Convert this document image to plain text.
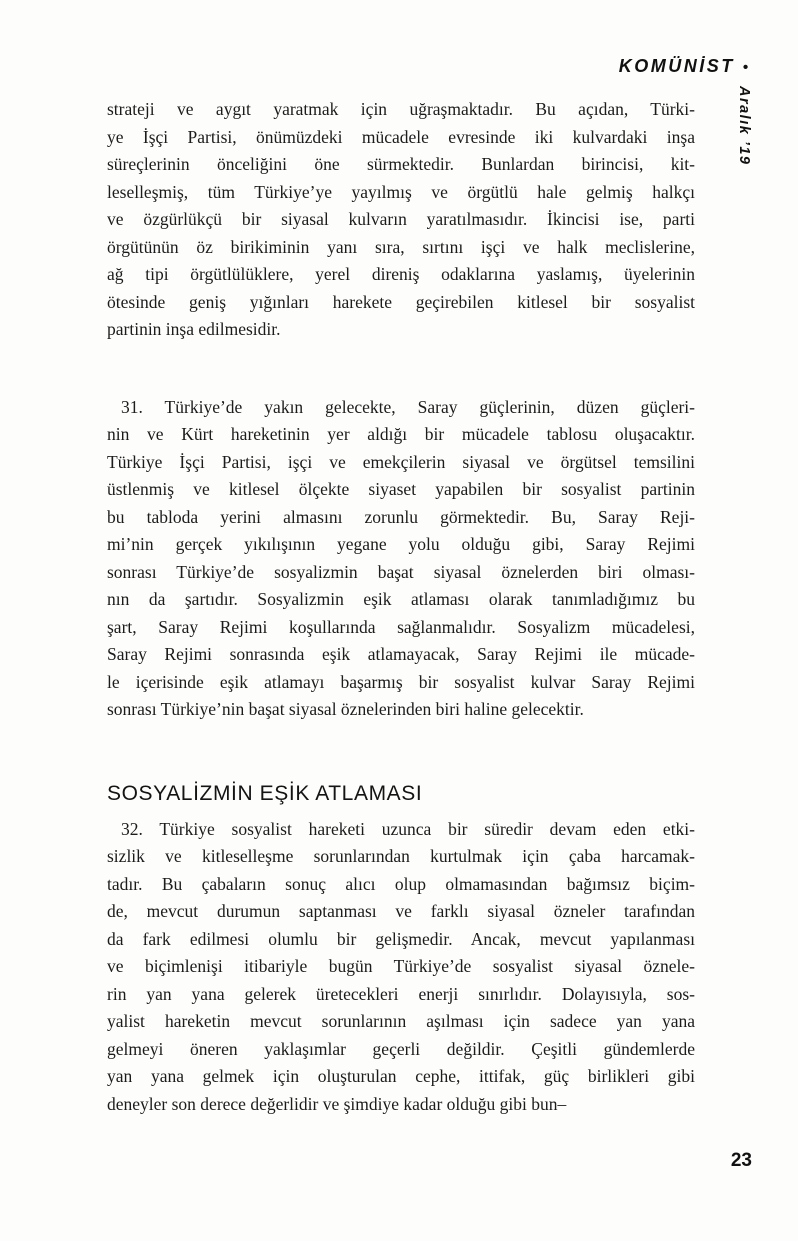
KOMÜNİST •
Aralık ’19
strateji ve aygıt yaratmak için uğraşmaktadır. Bu açıdan, Türki-
ye İşçi Partisi, önümüzdeki mücadele evresinde iki kulvardaki inşa
süreçlerinin önceliğini öne sürmektedir. Bunlardan birincisi, kit-
leselleşmiş, tüm Türkiye’ye yayılmış ve örgütlü hale gelmiş halkçı
ve özgürlükçü bir siyasal kulvarın yaratılmasıdır. İkincisi ise, parti
örgütünün öz birikiminin yanı sıra, sırtını işçi ve halk meclislerine,
ağ tipi örgütlülüklere, yerel direniş odaklarına yaslamış, üyelerinin
ötesinde geniş yığınları harekete geçirebilen kitlesel bir sosyalist
partinin inşa edilmesidir.
31. Türkiye’de yakın gelecekte, Saray güçlerinin, düzen güçleri-
nin ve Kürt hareketinin yer aldığı bir mücadele tablosu oluşacaktır.
Türkiye İşçi Partisi, işçi ve emekçilerin siyasal ve örgütsel temsilini
üstlenmiş ve kitlesel ölçekte siyaset yapabilen bir sosyalist partinin
bu tabloda yerini almasını zorunlu görmektedir. Bu, Saray Reji-
mi’nin gerçek yıkılışının yegane yolu olduğu gibi, Saray Rejimi
sonrası Türkiye’de sosyalizmin başat siyasal öznelerden biri olması-
nın da şartıdır. Sosyalizmin eşik atlaması olarak tanımladığımız bu
şart, Saray Rejimi koşullarında sağlanmalıdır. Sosyalizm mücadelesi,
Saray Rejimi sonrasında eşik atlamayacak, Saray Rejimi ile mücade-
le içerisinde eşik atlamayı başarmış bir sosyalist kulvar Saray Rejimi
sonrası Türkiye’nin başat siyasal öznelerinden biri haline gelecektir.
SOSYALİZMİN EŞİK ATLAMASI
32. Türkiye sosyalist hareketi uzunca bir süredir devam eden etki-
sizlik ve kitleselleşme sorunlarından kurtulmak için çaba harcamak-
tadır. Bu çabaların sonuç alıcı olup olmamasından bağımsız biçim-
de, mevcut durumun saptanması ve farklı siyasal özneler tarafından
da fark edilmesi olumlu bir gelişmedir. Ancak, mevcut yapılanması
ve biçimlenişi itibariyle bugün Türkiye’de sosyalist siyasal öznele-
rin yan yana gelerek üretecekleri enerji sınırlıdır. Dolayısıyla, sos-
yalist hareketin mevcut sorunlarının aşılması için sadece yan yana
gelmeyi öneren yaklaşımlar geçerli değildir. Çeşitli gündemlerde
yan yana gelmek için oluşturulan cephe, ittifak, güç birlikleri gibi
deneyler son derece değerlidir ve şimdiye kadar olduğu gibi bun–
23
